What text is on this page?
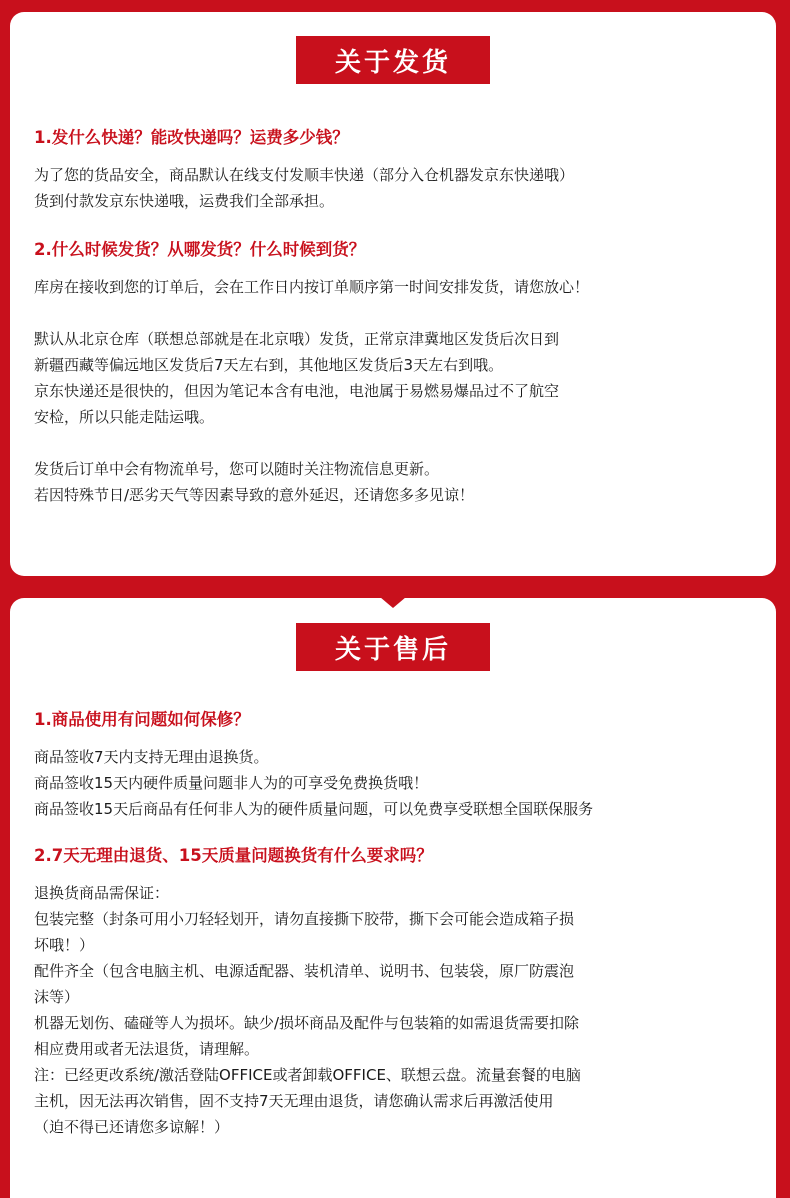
关于发货

1.发什么快递？能改快递吗？运费多少钱？

为了您的货品安全，商品默认在线支付发顺丰快递（部分入仓机器发京东快递哦）

货到付款发京东快递哦，运费我们全部承担。

2.什么时候发货？从哪发货？什么时候到货？

库房在接收到您的订单后，会在工作日内按订单顺序第一时间安排发货，请您放心！

默认从北京仓库（联想总部就是在北京哦）发货，正常京津冀地区发货后次日到

新疆西藏等偏远地区发货后7天左右到，其他地区发货后3天左右到哦。

京东快递还是很快的，但因为笔记本含有电池，电池属于易燃易爆品过不了航空

安检，所以只能走陆运哦。

发货后订单中会有物流单号，您可以随时关注物流信息更新。

若因特殊节日/恶劣天气等因素导致的意外延迟，还请您多多见谅！

关于售后

1.商品使用有问题如何保修？

商品签收7天内支持无理由退换货。

商品签收15天内硬件质量问题非人为的可享受免费换货哦！

商品签收15天后商品有任何非人为的硬件质量问题，可以免费享受联想全国联保服务

2.7天无理由退货、15天质量问题换货有什么要求吗？

退换货商品需保证：

包装完整（封条可用小刀轻轻划开，请勿直接撕下胶带，撕下会可能会造成箱子损

坏哦！）

配件齐全（包含电脑主机、电源适配器、装机清单、说明书、包装袋，原厂防震泡

沫等）

机器无划伤、磕碰等人为损坏。缺少/损坏商品及配件与包装箱的如需退货需要扣除

相应费用或者无法退货，请理解。

注：已经更改系统/激活登陆OFFICE或者卸载OFFICE、联想云盘。流量套餐的电脑

主机，因无法再次销售，固不支持7天无理由退货，请您确认需求后再激活使用

（迫不得已还请您多谅解！）
